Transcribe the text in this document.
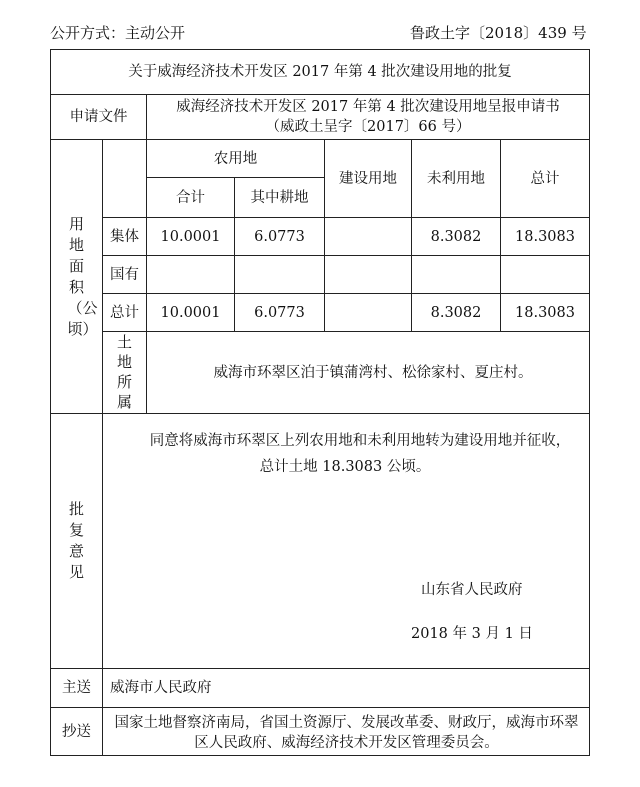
公开方式：主动公开	鲁政土字〔2018〕439 号
关于威海经济技术开发区 2017 年第 4 批次建设用地的批复						
申请文件		威海经济技术开发区 2017 年第 4 批次建设用地呈报申请书
（威政土呈字〔2017〕66 号）				

用地面积（公顷）		农用地		建设用地	未利用地	总计
		合计	其中耕地			
	集体	10.0001	6.0773		8.3082	18.3083
	国有					
	总计	10.0001	6.0773		8.3082	18.3083
	土地所属	威海市环翠区泊于镇蒲湾村、松徐家村、夏庄村。				
批复意见	同意将威海市环翠区上列农用地和未利用地转为建设用地并征收，总计土地 18.3083 公顷。
山东省人民政府
2018 年 3 月 1 日					

主送	威海市人民政府					
抄送	国家土地督察济南局，省国土资源厅、发展改革委、财政厅，威海市环翠区人民政府、威海经济技术开发区管理委员会。					
